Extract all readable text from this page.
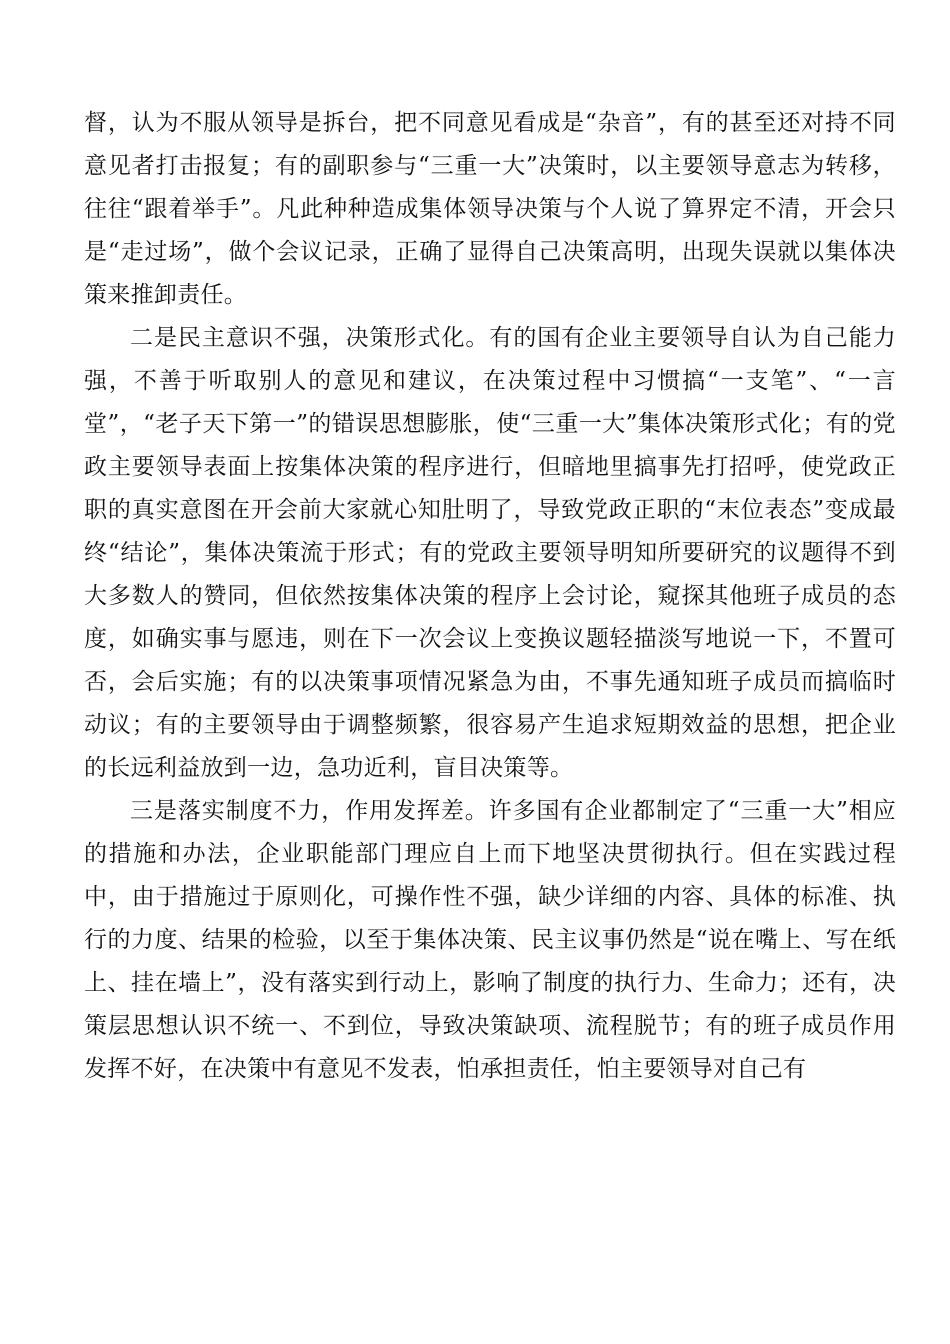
督，认为不服从领导是拆台，把不同意见看成是“杂音”，有的甚至还对持不同意见者打击报复；有的副职参与“三重一大”决策时，以主要领导意志为转移，往往“跟着举手”。凡此种种造成集体领导决策与个人说了算界定不清，开会只是“走过场”，做个会议记录，正确了显得自己决策高明，出现失误就以集体决策来推卸责任。

二是民主意识不强，决策形式化。有的国有企业主要领导自认为自己能力强，不善于听取别人的意见和建议，在决策过程中习惯搞“一支笔”、“一言堂”，“老子天下第一”的错误思想膨胀，使“三重一大”集体决策形式化；有的党政主要领导表面上按集体决策的程序进行，但暗地里搞事先打招呼，使党政正职的真实意图在开会前大家就心知肚明了，导致党政正职的“末位表态”变成最终“结论”，集体决策流于形式；有的党政主要领导明知所要研究的议题得不到大多数人的赞同，但依然按集体决策的程序上会讨论，窥探其他班子成员的态度，如确实事与愿违，则在下一次会议上变换议题轻描淡写地说一下，不置可否，会后实施；有的以决策事项情况紧急为由，不事先通知班子成员而搞临时动议；有的主要领导由于调整频繁，很容易产生追求短期效益的思想，把企业的长远利益放到一边，急功近利，盲目决策等。

三是落实制度不力，作用发挥差。许多国有企业都制定了“三重一大”相应的措施和办法，企业职能部门理应自上而下地坚决贯彻执行。但在实践过程中，由于措施过于原则化，可操作性不强，缺少详细的内容、具体的标准、执行的力度、结果的检验，以至于集体决策、民主议事仍然是“说在嘴上、写在纸上、挂在墙上”，没有落实到行动上，影响了制度的执行力、生命力；还有，决策层思想认识不统一、不到位，导致决策缺项、流程脱节；有的班子成员作用发挥不好，在决策中有意见不发表，怕承担责任，怕主要领导对自己有
